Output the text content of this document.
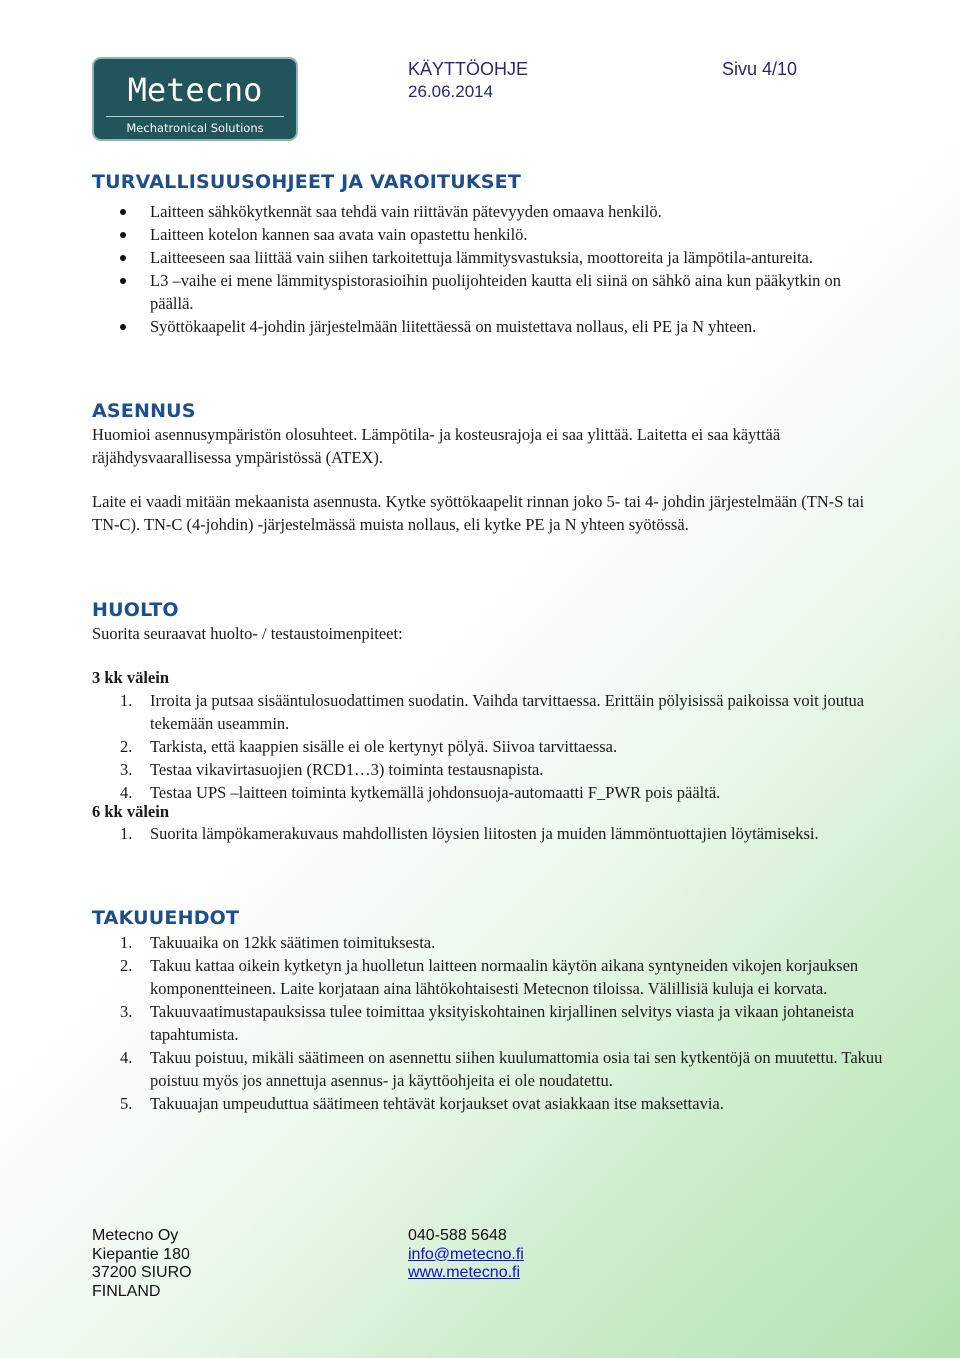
Metecno
Mechatronical Solutions
KÄYTTÖOHJE
26.06.2014
Sivu 4/10
TURVALLISUUSOHJEET JA VAROITUKSET
Laitteen sähkökytkennät saa tehdä vain riittävän pätevyyden omaava henkilö.
Laitteen kotelon kannen saa avata vain opastettu henkilö.
Laitteeseen saa liittää vain siihen tarkoitettuja lämmitysvastuksia, moottoreita ja lämpötila-antureita.
L3 –vaihe ei mene lämmityspistorasioihin puolijohteiden kautta eli siinä on sähkö aina kun pääkytkin on päällä.
Syöttökaapelit 4-johdin järjestelmään liitettäessä on muistettava nollaus, eli PE ja N yhteen.
ASENNUS
Huomioi asennusympäristön olosuhteet. Lämpötila- ja kosteusrajoja ei saa ylittää. Laitetta ei saa käyttää räjähdysvaarallisessa ympäristössä (ATEX).
Laite ei vaadi mitään mekaanista asennusta. Kytke syöttökaapelit rinnan joko 5- tai 4- johdin järjestelmään (TN-S tai TN-C). TN-C (4-johdin) -järjestelmässä muista nollaus, eli kytke PE ja N yhteen syötössä.
HUOLTO
Suorita seuraavat huolto- / testaustoimenpiteet:
3 kk välein
1. Irroita ja putsaa sisääntulosuodattimen suodatin. Vaihda tarvittaessa. Erittäin pölyisissä paikoissa voit joutua tekemään useammin.
2. Tarkista, että kaappien sisälle ei ole kertynyt pölyä. Siivoa tarvittaessa.
3. Testaa vikavirtasuojien (RCD1…3) toiminta testausnapista.
4. Testaa UPS –laitteen toiminta kytkemällä johdonsuoja-automaatti F_PWR pois päältä.
6 kk välein
1. Suorita lämpökamerakuvaus mahdollisten löysien liitosten ja muiden lämmöntuottajien löytämiseksi.
TAKUUEHDOT
1. Takuuaika on 12kk säätimen toimituksesta.
2. Takuu kattaa oikein kytketyn ja huolletun laitteen normaalin käytön aikana syntyneiden vikojen korjauksen komponentteineen. Laite korjataan aina lähtökohtaisesti Metecnon tiloissa. Välillisiä kuluja ei korvata.
3. Takuuvaatimustapauksissa tulee toimittaa yksityiskohtainen kirjallinen selvitys viasta ja vikaan johtaneista tapahtumista.
4. Takuu poistuu, mikäli säätimeen on asennettu siihen kuulumattomia osia tai sen kytkentöjä on muutettu. Takuu poistuu myös jos annettuja asennus- ja käyttöohjeita ei ole noudatettu.
5. Takuuajan umpeuduttua säätimeen tehtävät korjaukset ovat asiakkaan itse maksettavia.
Metecno Oy
Kiepantie 180
37200 SIURO
FINLAND
040-588 5648
info@metecno.fi
www.metecno.fi
